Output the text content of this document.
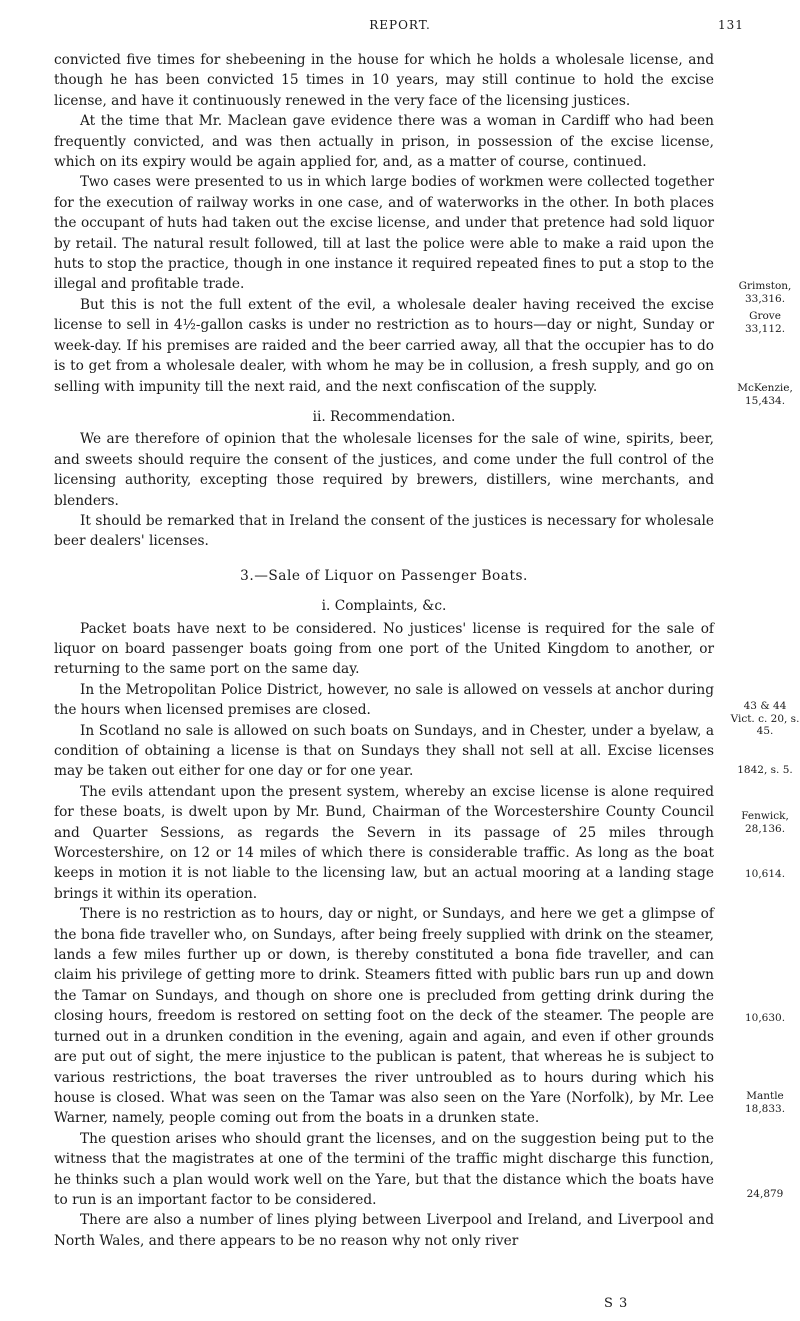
REPORT.	131

convicted five times for shebeening in the house for which he holds a wholesale license, and though he has been convicted 15 times in 10 years, may still continue to hold the excise license, and have it continuously renewed in the very face of the licensing justices.

At the time that Mr. Maclean gave evidence there was a woman in Cardiff who had been frequently convicted, and was then actually in prison, in possession of the excise license, which on its expiry would be again applied for, and, as a matter of course, continued.

Two cases were presented to us in which large bodies of workmen were collected together for the execution of railway works in one case, and of waterworks in the other. In both places the occupant of huts had taken out the excise license, and under that pretence had sold liquor by retail. The natural result followed, till at last the police were able to make a raid upon the huts to stop the practice, though in one instance it required repeated fines to put a stop to the illegal and profitable trade.

But this is not the full extent of the evil, a wholesale dealer having received the excise license to sell in 4½-gallon casks is under no restriction as to hours—day or night, Sunday or week-day. If his premises are raided and the beer carried away, all that the occupier has to do is to get from a wholesale dealer, with whom he may be in collusion, a fresh supply, and go on selling with impunity till the next raid, and the next confiscation of the supply.

ii. Recommendation.

We are therefore of opinion that the wholesale licenses for the sale of wine, spirits, beer, and sweets should require the consent of the justices, and come under the full control of the licensing authority, excepting those required by brewers, distillers, wine merchants, and blenders.

It should be remarked that in Ireland the consent of the justices is necessary for wholesale beer dealers' licenses.

3.—Sale of Liquor on Passenger Boats.

i. Complaints, &c.

Packet boats have next to be considered. No justices' license is required for the sale of liquor on board passenger boats going from one port of the United Kingdom to another, or returning to the same port on the same day.

In the Metropolitan Police District, however, no sale is allowed on vessels at anchor during the hours when licensed premises are closed.

In Scotland no sale is allowed on such boats on Sundays, and in Chester, under a byelaw, a condition of obtaining a license is that on Sundays they shall not sell at all. Excise licenses may be taken out either for one day or for one year.

The evils attendant upon the present system, whereby an excise license is alone required for these boats, is dwelt upon by Mr. Bund, Chairman of the Worcestershire County Council and Quarter Sessions, as regards the Severn in its passage of 25 miles through Worcestershire, on 12 or 14 miles of which there is considerable traffic. As long as the boat keeps in motion it is not liable to the licensing law, but an actual mooring at a landing stage brings it within its operation.

There is no restriction as to hours, day or night, or Sundays, and here we get a glimpse of the bona fide traveller who, on Sundays, after being freely supplied with drink on the steamer, lands a few miles further up or down, is thereby constituted a bona fide traveller, and can claim his privilege of getting more to drink. Steamers fitted with public bars run up and down the Tamar on Sundays, and though on shore one is precluded from getting drink during the closing hours, freedom is restored on setting foot on the deck of the steamer. The people are turned out in a drunken condition in the evening, again and again, and even if other grounds are put out of sight, the mere injustice to the publican is patent, that whereas he is subject to various restrictions, the boat traverses the river untroubled as to hours during which his house is closed. What was seen on the Tamar was also seen on the Yare (Norfolk), by Mr. Lee Warner, namely, people coming out from the boats in a drunken state.

The question arises who should grant the licenses, and on the suggestion being put to the witness that the magistrates at one of the termini of the traffic might discharge this function, he thinks such a plan would work well on the Yare, but that the distance which the boats have to run is an important factor to be considered.

There are also a number of lines plying between Liverpool and Ireland, and Liverpool and North Wales, and there appears to be no reason why not only river

Grimston, 33,316.
Grove 33,112.
McKenzie, 15,434.
43 & 44 Vict. c. 20, s. 45.
1842, s. 5.
Fenwick, 28,136.
10,614.
10,630.
Mantle 18,833.
24,879
S 3
